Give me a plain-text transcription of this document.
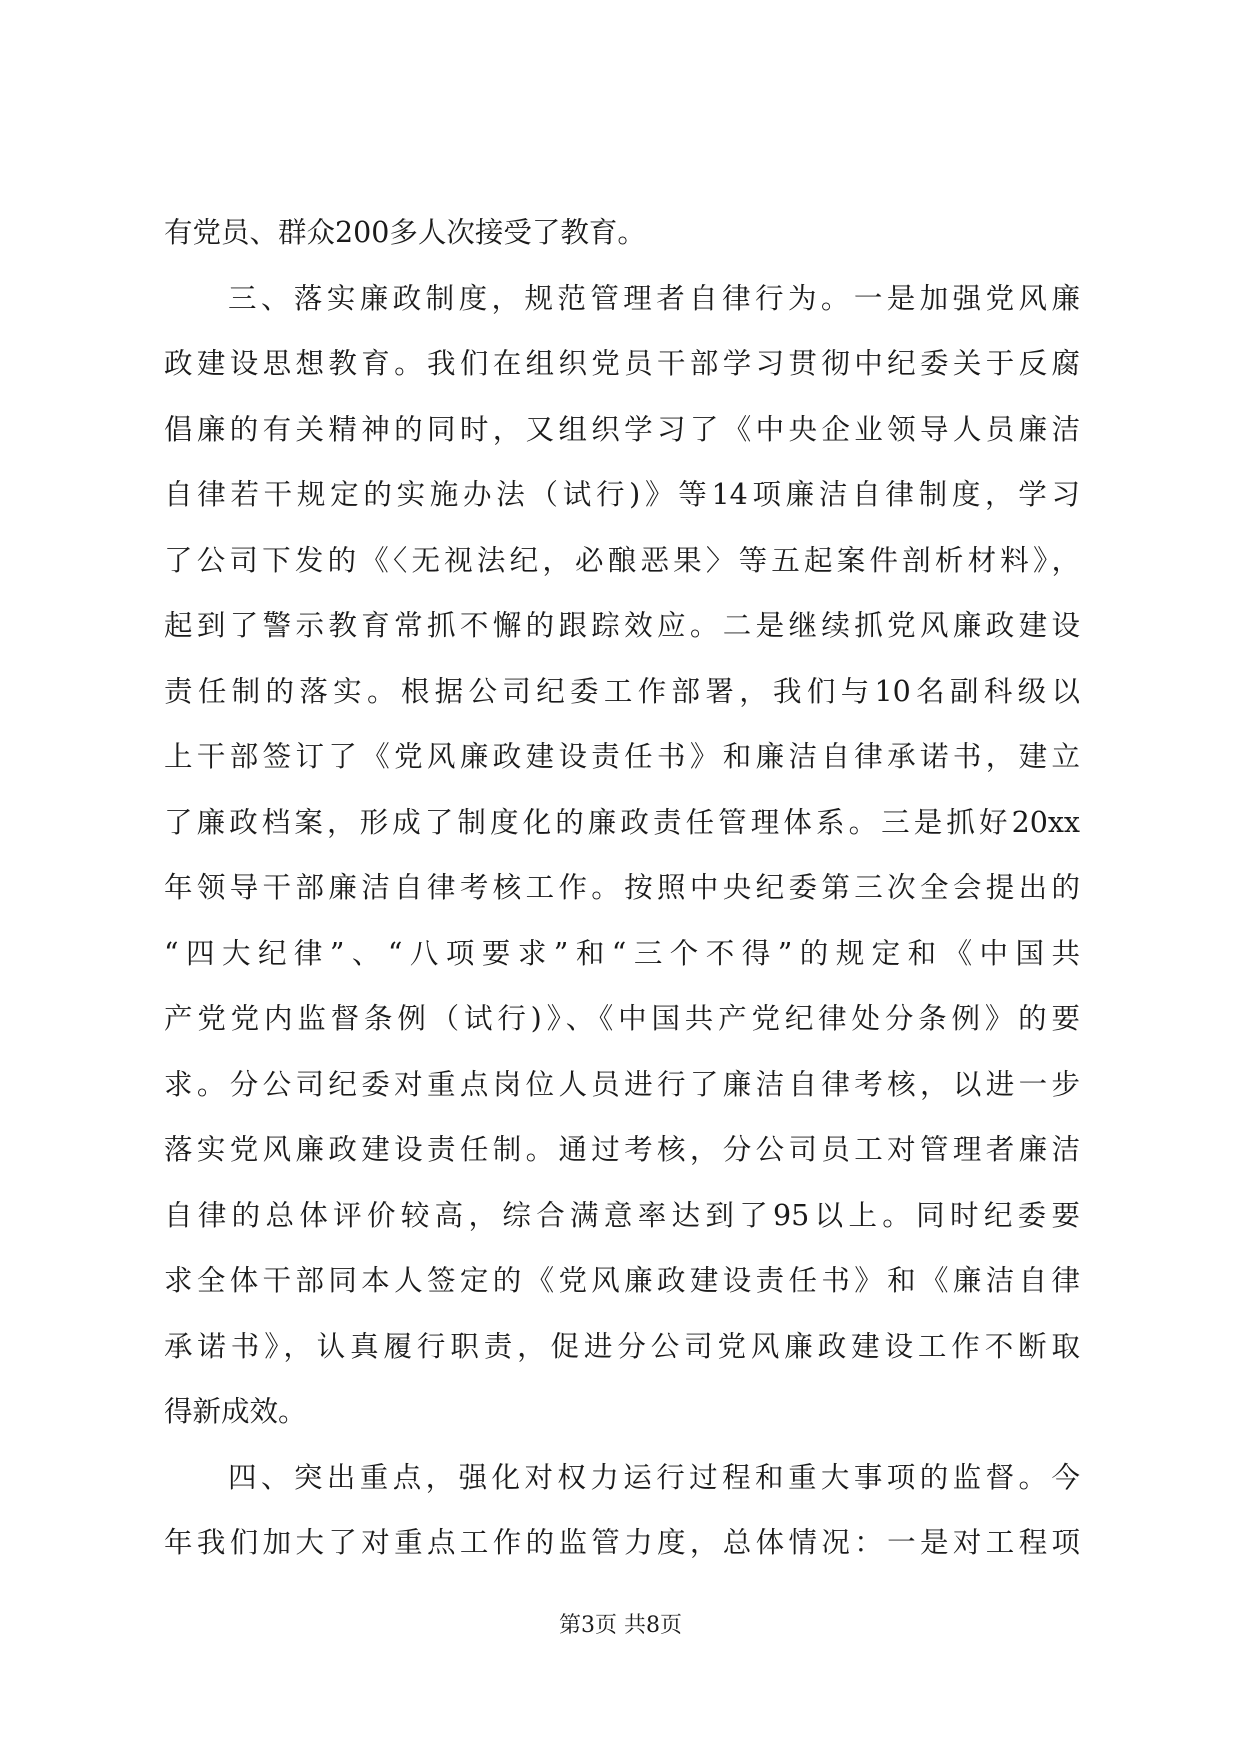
有党员、群众200多人次接受了教育。
三、落实廉政制度，规范管理者自律行为。一是加强党风廉
政建设思想教育。我们在组织党员干部学习贯彻中纪委关于反腐
倡廉的有关精神的同时，又组织学习了《中央企业领导人员廉洁
自律若干规定的实施办法（试行)》等14项廉洁自律制度，学习
了公司下发的《〈无视法纪，必酿恶果〉等五起案件剖析材料》，
起到了警示教育常抓不懈的跟踪效应。二是继续抓党风廉政建设
责任制的落实。根据公司纪委工作部署，我们与10名副科级以
上干部签订了《党风廉政建设责任书》和廉洁自律承诺书，建立
了廉政档案，形成了制度化的廉政责任管理体系。三是抓好20xx
年领导干部廉洁自律考核工作。按照中央纪委第三次全会提出的
“四大纪律”、“八项要求”和“三个不得”的规定和《中国共
产党党内监督条例（试行)》、《中国共产党纪律处分条例》的要
求。分公司纪委对重点岗位人员进行了廉洁自律考核，以进一步
落实党风廉政建设责任制。通过考核，分公司员工对管理者廉洁
自律的总体评价较高，综合满意率达到了95以上。同时纪委要
求全体干部同本人签定的《党风廉政建设责任书》和《廉洁自律
承诺书》，认真履行职责，促进分公司党风廉政建设工作不断取
得新成效。
四、突出重点，强化对权力运行过程和重大事项的监督。今
年我们加大了对重点工作的监管力度，总体情况：一是对工程项
第3页 共8页
